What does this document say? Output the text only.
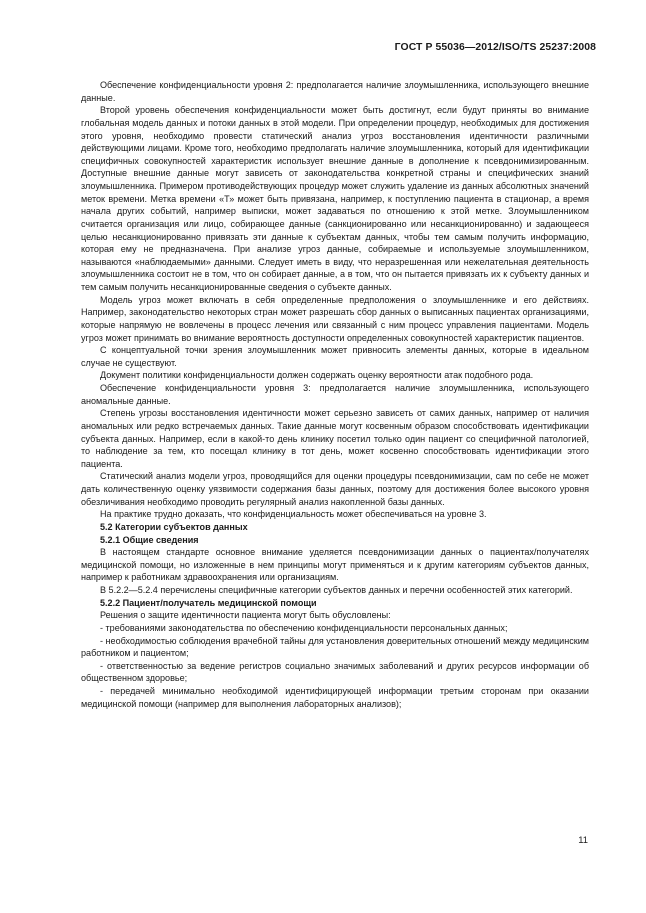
ГОСТ Р 55036—2012/ISO/TS 25237:2008

Обеспечение конфиденциальности уровня 2: предполагается наличие злоумышленника, использующего внешние данные.

Второй уровень обеспечения конфиденциальности может быть достигнут, если будут приняты во внимание глобальная модель данных и потоки данных в этой модели. При определении процедур, необходимых для достижения этого уровня, необходимо провести статический анализ угроз восстановления идентичности различными действующими лицами. Кроме того, необходимо предполагать наличие злоумышленника, который для идентификации специфичных совокупностей характеристик использует внешние данные в дополнение к псевдонимизированным. Доступные внешние данные могут зависеть от законодательства конкретной страны и специфических знаний злоумышленника. Примером противодействующих процедур может служить удаление из данных абсолютных значений меток времени. Метка времени «Т» может быть привязана, например, к поступлению пациента в стационар, а время начала других событий, например выписки, может задаваться по отношению к этой метке. Злоумышленником считается организация или лицо, собирающее данные (санкционированно или несанкционированно) и задающееся целью несанкционированно привязать эти данные к субъектам данных, чтобы тем самым получить информацию, которая ему не предназначена. При анализе угроз данные, собираемые и используемые злоумышленником, называются «наблюдаемыми» данными. Следует иметь в виду, что неразрешенная или нежелательная деятельность злоумышленника состоит не в том, что он собирает данные, а в том, что он пытается привязать их к субъекту данных и тем самым получить несанкционированные сведения о субъекте данных.

Модель угроз может включать в себя определенные предположения о злоумышленнике и его действиях. Например, законодательство некоторых стран может разрешать сбор данных о выписанных пациентах организациями, которые напрямую не вовлечены в процесс лечения или связанный с ним процесс управления пациентами. Модель угроз может принимать во внимание вероятность доступности определенных совокупностей характеристик пациентов.

С концептуальной точки зрения злоумышленник может привносить элементы данных, которые в идеальном случае не существуют.

Документ политики конфиденциальности должен содержать оценку вероятности атак подобного рода.

Обеспечение конфиденциальности уровня 3: предполагается наличие злоумышленника, использующего аномальные данные.

Степень угрозы восстановления идентичности может серьезно зависеть от самих данных, например от наличия аномальных или редко встречаемых данных. Такие данные могут косвенным образом способствовать идентификации субъекта данных. Например, если в какой-то день клинику посетил только один пациент со специфичной патологией, то наблюдение за тем, кто посещал клинику в тот день, может косвенно способствовать идентификации этого пациента.

Статический анализ модели угроз, проводящийся для оценки процедуры псевдонимизации, сам по себе не может дать количественную оценку уязвимости содержания базы данных, поэтому для достижения более высокого уровня обезличивания необходимо проводить регулярный анализ накопленной базы данных.

На практике трудно доказать, что конфиденциальность может обеспечиваться на уровне 3.

5.2 Категории субъектов данных

5.2.1 Общие сведения

В настоящем стандарте основное внимание уделяется псевдонимизации данных о пациентах/получателях медицинской помощи, но изложенные в нем принципы могут применяться и к другим категориям субъектов данных, например к работникам здравоохранения или организациям.

В 5.2.2—5.2.4 перечислены специфичные категории субъектов данных и перечни особенностей этих категорий.

5.2.2 Пациент/получатель медицинской помощи

Решения о защите идентичности пациента могут быть обусловлены:

- требованиями законодательства по обеспечению конфиденциальности персональных данных;

- необходимостью соблюдения врачебной тайны для установления доверительных отношений между медицинским работником и пациентом;

- ответственностью за ведение регистров социально значимых заболеваний и других ресурсов информации об общественном здоровье;

- передачей минимально необходимой идентифицирующей информации третьим сторонам при оказании медицинской помощи (например для выполнения лабораторных анализов);

11
